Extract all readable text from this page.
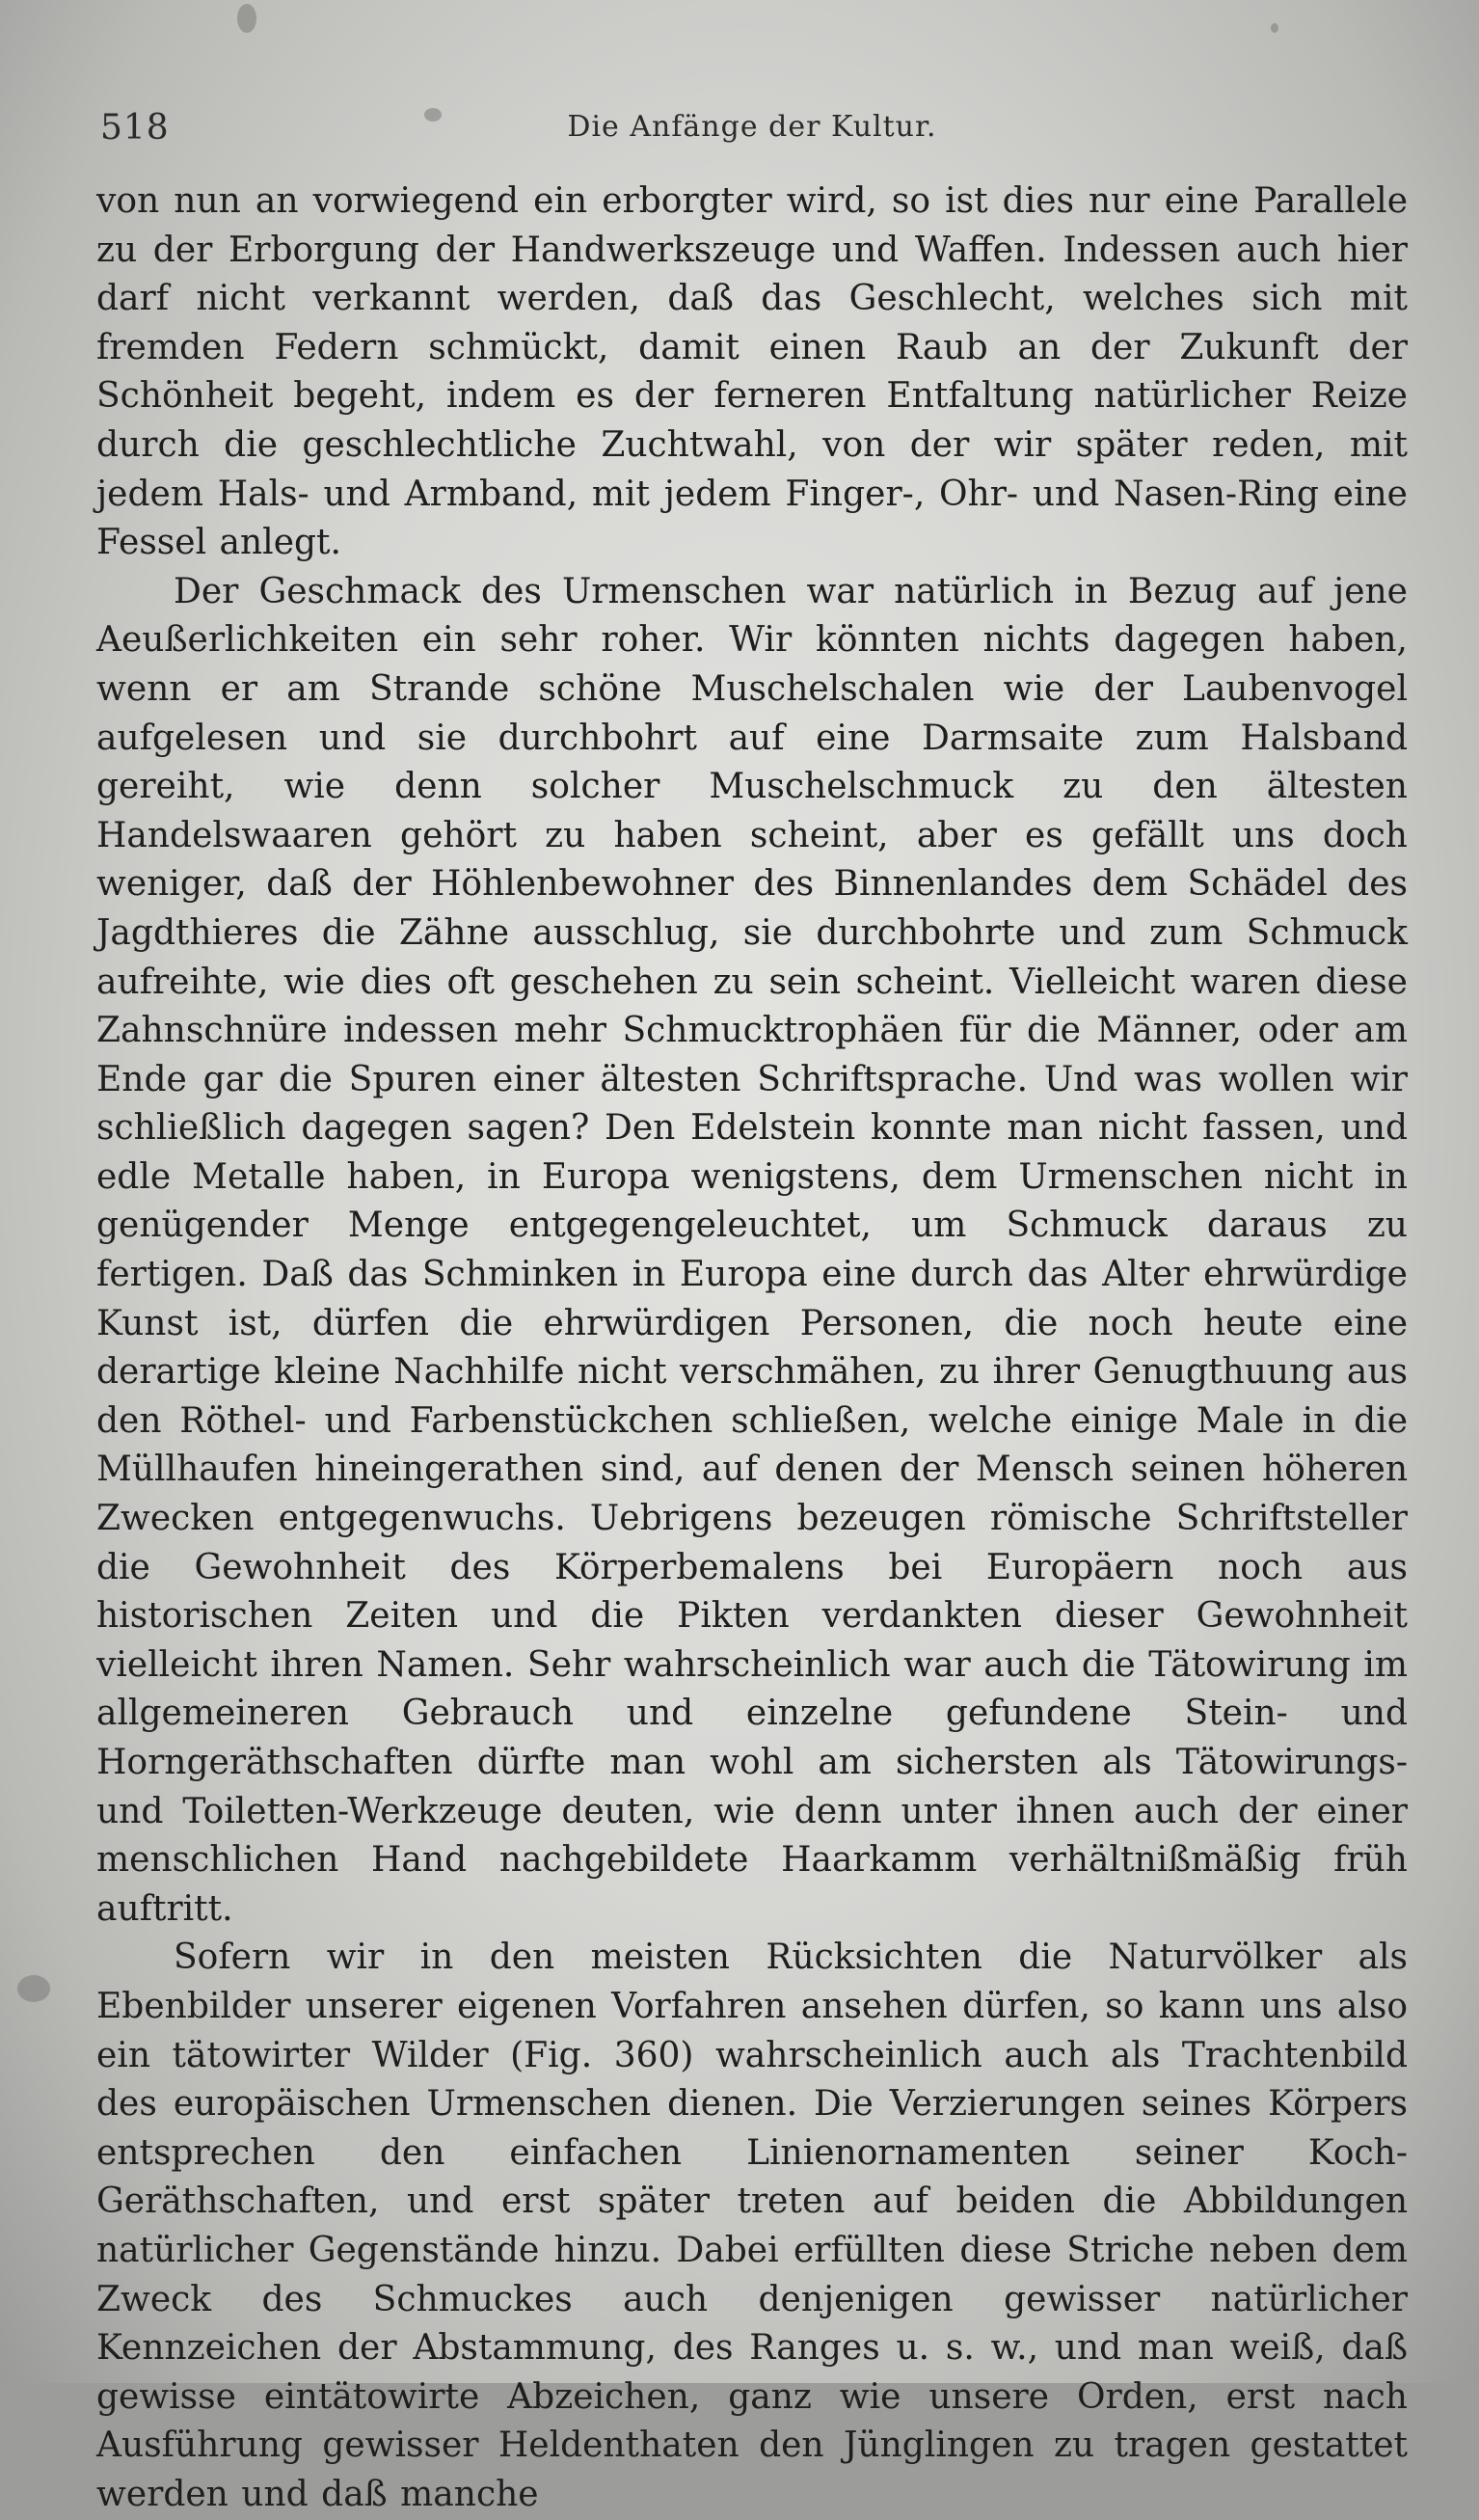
518	Die Anfänge der Kultur.

von nun an vorwiegend ein erborgter wird, so ist dies nur eine Parallele zu der Erborgung der Handwerkszeuge und Waffen. Indessen auch hier darf nicht verkannt werden, daß das Geschlecht, welches sich mit fremden Federn schmückt, damit einen Raub an der Zukunft der Schönheit begeht, indem es der ferneren Entfaltung natürlicher Reize durch die geschlechtliche Zuchtwahl, von der wir später reden, mit jedem Hals- und Armband, mit jedem Finger-, Ohr- und Nasen-Ring eine Fessel anlegt.

Der Geschmack des Urmenschen war natürlich in Bezug auf jene Aeußerlichkeiten ein sehr roher. Wir könnten nichts dagegen haben, wenn er am Strande schöne Muschelschalen wie der Laubenvogel aufgelesen und sie durchbohrt auf eine Darmsaite zum Halsband gereiht, wie denn solcher Muschelschmuck zu den ältesten Handelswaaren gehört zu haben scheint, aber es gefällt uns doch weniger, daß der Höhlenbewohner des Binnenlandes dem Schädel des Jagdthieres die Zähne ausschlug, sie durchbohrte und zum Schmuck aufreihte, wie dies oft geschehen zu sein scheint. Vielleicht waren diese Zahnschnüre indessen mehr Schmucktrophäen für die Männer, oder am Ende gar die Spuren einer ältesten Schriftsprache. Und was wollen wir schließlich dagegen sagen? Den Edelstein konnte man nicht fassen, und edle Metalle haben, in Europa wenigstens, dem Urmenschen nicht in genügender Menge entgegengeleuchtet, um Schmuck daraus zu fertigen. Daß das Schminken in Europa eine durch das Alter ehrwürdige Kunst ist, dürfen die ehrwürdigen Personen, die noch heute eine derartige kleine Nachhilfe nicht verschmähen, zu ihrer Genugthuung aus den Röthel- und Farbenstückchen schließen, welche einige Male in die Müllhaufen hineingerathen sind, auf denen der Mensch seinen höheren Zwecken entgegenwuchs. Uebrigens bezeugen römische Schriftsteller die Gewohnheit des Körperbemalens bei Europäern noch aus historischen Zeiten und die Pikten verdankten dieser Gewohnheit vielleicht ihren Namen. Sehr wahrscheinlich war auch die Tätowirung im allgemeineren Gebrauch und einzelne gefundene Stein- und Horngeräthschaften dürfte man wohl am sichersten als Tätowirungs- und Toiletten-Werkzeuge deuten, wie denn unter ihnen auch der einer menschlichen Hand nachgebildete Haarkamm verhältnißmäßig früh auftritt.

Sofern wir in den meisten Rücksichten die Naturvölker als Ebenbilder unserer eigenen Vorfahren ansehen dürfen, so kann uns also ein tätowirter Wilder (Fig. 360) wahrscheinlich auch als Trachtenbild des europäischen Urmenschen dienen. Die Verzierungen seines Körpers entsprechen den einfachen Linienornamenten seiner Koch-Geräthschaften, und erst später treten auf beiden die Abbildungen natürlicher Gegenstände hinzu. Dabei erfüllten diese Striche neben dem Zweck des Schmuckes auch denjenigen gewisser natürlicher Kennzeichen der Abstammung, des Ranges u. s. w., und man weiß, daß gewisse eintätowirte Abzeichen, ganz wie unsere Orden, erst nach Ausführung gewisser Heldenthaten den Jünglingen zu tragen gestattet werden und daß manche
